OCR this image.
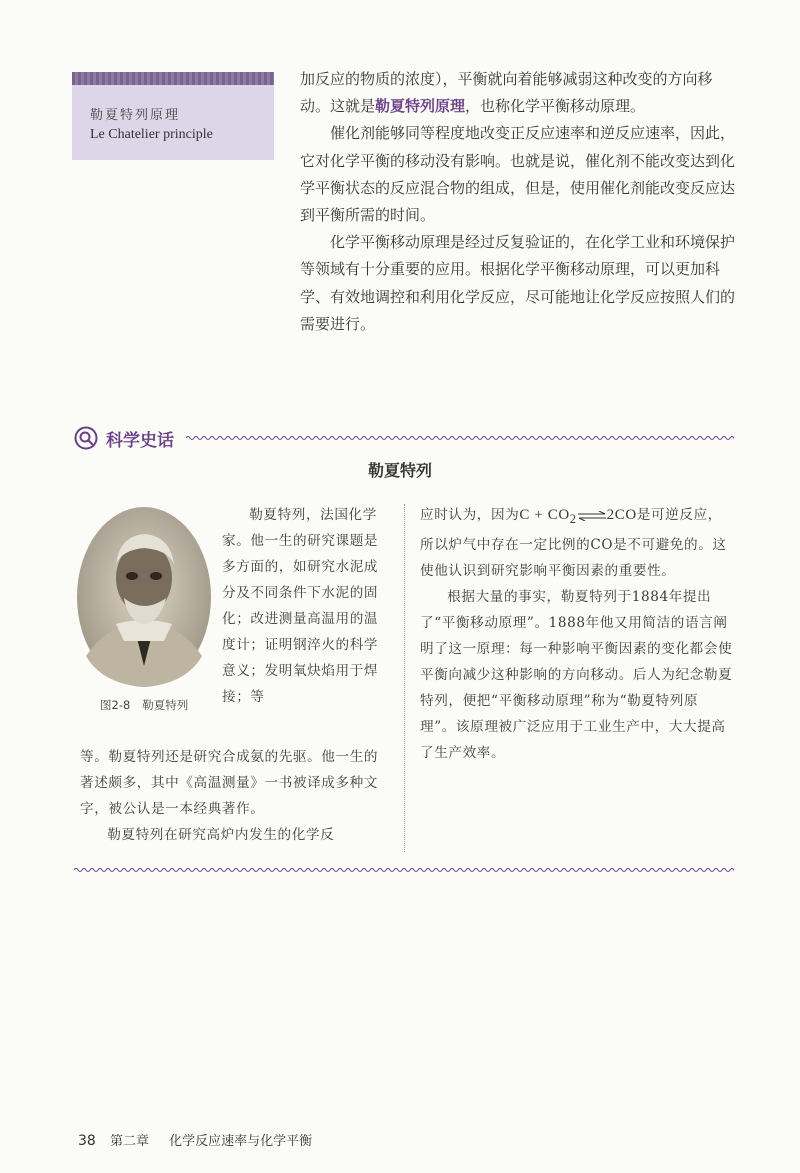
勒夏特列原理
Le Chatelier principle

加反应的物质的浓度），平衡就向着能够减弱这种改变的方向移动。这就是勒夏特列原理，也称化学平衡移动原理。

催化剂能够同等程度地改变正反应速率和逆反应速率，因此，它对化学平衡的移动没有影响。也就是说，催化剂不能改变达到化学平衡状态的反应混合物的组成，但是，使用催化剂能改变反应达到平衡所需的时间。

化学平衡移动原理是经过反复验证的，在化学工业和环境保护等领域有十分重要的应用。根据化学平衡移动原理，可以更加科学、有效地调控和利用化学反应，尽可能地让化学反应按照人们的需要进行。

科学史话
勒夏特列
图2-8 勒夏特列

勒夏特列，法国化学家。他一生的研究课题是多方面的，如研究水泥成分及不同条件下水泥的固化；改进测量高温用的温度计；证明钢淬火的科学意义；发明氧炔焰用于焊接；等

等。勒夏特列还是研究合成氨的先驱。他一生的著述颇多，其中《高温测量》一书被译成多种文字，被公认是一本经典著作。

勒夏特列在研究高炉内发生的化学反

应时认为，因为$C + CO_2\rightleftharpoons 2CO$是可逆反应，所以炉气中存在一定比例的CO是不可避免的。这使他认识到研究影响平衡因素的重要性。

根据大量的事实，勒夏特列于1884年提出了“平衡移动原理”。1888年他又用简洁的语言阐明了这一原理：每一种影响平衡因素的变化都会使平衡向减少这种影响的方向移动。后人为纪念勒夏特列，便把“平衡移动原理”称为“勒夏特列原理”。该原理被广泛应用于工业生产中，大大提高了生产效率。

38 第二章 化学反应速率与化学平衡
